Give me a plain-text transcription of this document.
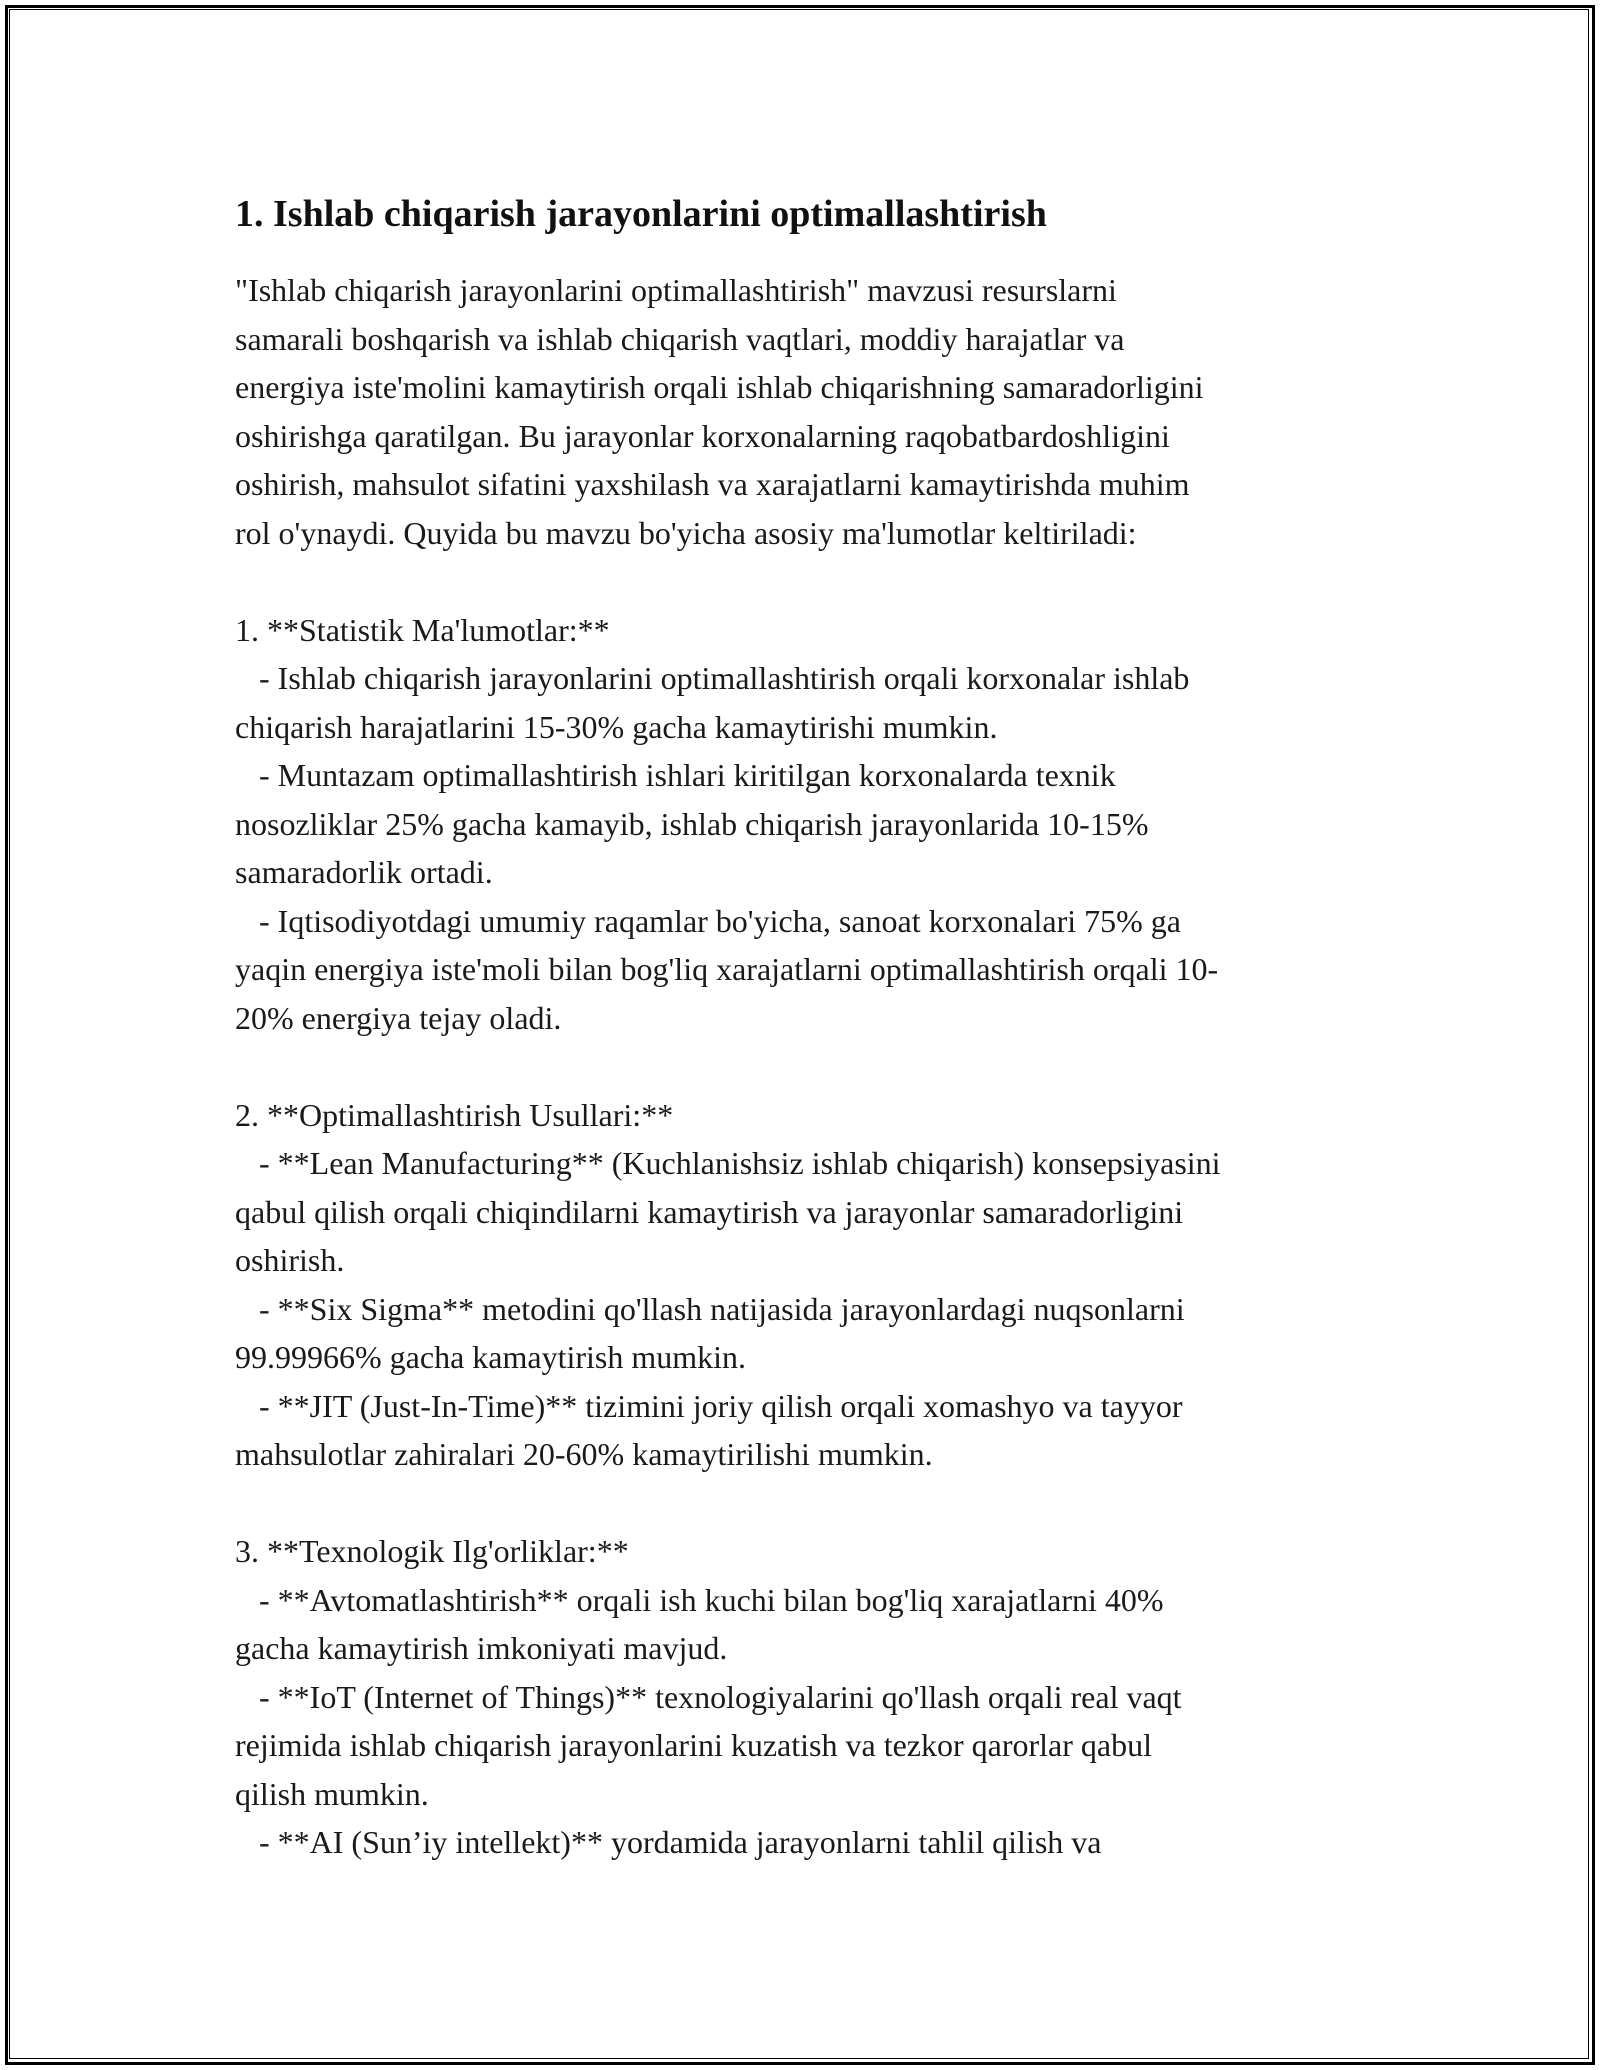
1. Ishlab chiqarish jarayonlarini optimallashtirish

"Ishlab chiqarish jarayonlarini optimallashtirish" mavzusi resurslarni
samarali boshqarish va ishlab chiqarish vaqtlari, moddiy harajatlar va
energiya iste'molini kamaytirish orqali ishlab chiqarishning samaradorligini
oshirishga qaratilgan. Bu jarayonlar korxonalarning raqobatbardoshligini
oshirish, mahsulot sifatini yaxshilash va xarajatlarni kamaytirishda muhim
rol o'ynaydi. Quyida bu mavzu bo'yicha asosiy ma'lumotlar keltiriladi:

1. **Statistik Ma'lumotlar:**
- Ishlab chiqarish jarayonlarini optimallashtirish orqali korxonalar ishlab
chiqarish harajatlarini 15-30% gacha kamaytirishi mumkin.
- Muntazam optimallashtirish ishlari kiritilgan korxonalarda texnik
nosozliklar 25% gacha kamayib, ishlab chiqarish jarayonlarida 10-15%
samaradorlik ortadi.
- Iqtisodiyotdagi umumiy raqamlar bo'yicha, sanoat korxonalari 75% ga
yaqin energiya iste'moli bilan bog'liq xarajatlarni optimallashtirish orqali 10-
20% energiya tejay oladi.

2. **Optimallashtirish Usullari:**
- **Lean Manufacturing** (Kuchlanishsiz ishlab chiqarish) konsepsiyasini
qabul qilish orqali chiqindilarni kamaytirish va jarayonlar samaradorligini
oshirish.
- **Six Sigma** metodini qo'llash natijasida jarayonlardagi nuqsonlarni
99.99966% gacha kamaytirish mumkin.
- **JIT (Just-In-Time)** tizimini joriy qilish orqali xomashyo va tayyor
mahsulotlar zahiralari 20-60% kamaytirilishi mumkin.

3. **Texnologik Ilg'orliklar:**
- **Avtomatlashtirish** orqali ish kuchi bilan bog'liq xarajatlarni 40%
gacha kamaytirish imkoniyati mavjud.
- **IoT (Internet of Things)** texnologiyalarini qo'llash orqali real vaqt
rejimida ishlab chiqarish jarayonlarini kuzatish va tezkor qarorlar qabul
qilish mumkin.
- **AI (Sun’iy intellekt)** yordamida jarayonlarni tahlil qilish va
